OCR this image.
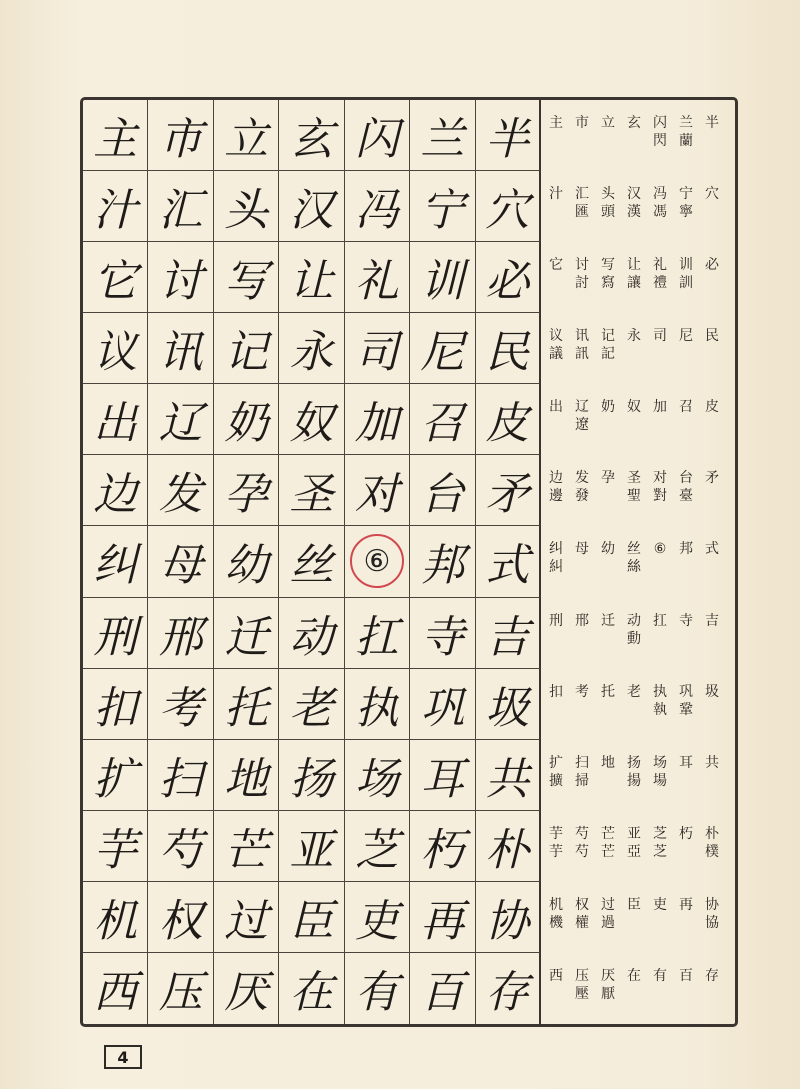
主 市 立 玄 闪 兰 半
汁 汇 头 汉 冯 宁 穴
它 讨 写 让 礼 训 必
议 讯 记 永 司 尼 民
出 辽 奶 奴 加 召 皮
边 发 孕 圣 对 台 矛
纠 母 幼 丝 ⑥ 邦 式
刑 邢 迁 动 扛 寺 吉
扣 考 托 老 执 巩 圾
扩 扫 地 扬 场 耳 共
芋 芍 芒 亚 芝 朽 朴
机 权 过 臣 吏 再 协
西 压 厌 在 有 百 存
半
兰
蘭
闪
閃
玄
立
市
主
穴
宁
寧
冯
馮
汉
漢
头
頭
汇
匯
汁
必
训
訓
礼
禮
让
讓
写
寫
讨
討
它
民
尼
司
永
记
記
讯
訊
议
議
皮
召
加
奴
奶
辽
遼
出
矛
台
臺
对
對
圣
聖
孕
发
發
边
邊
式
邦
⑥
丝
絲
幼
母
纠
糾
吉
寺
扛
动
動
迁
邢
刑
圾
巩
鞏
执
執
老
托
考
扣
共
耳
场
場
扬
揚
地
扫
掃
扩
擴
朴
樸
朽
芝
芝
亚
亞
芒
芒
芍
芍
芋
芋
协
協
再
吏
臣
过
過
权
權
机
機
存
百
有
在
厌
厭
压
壓
西
4
